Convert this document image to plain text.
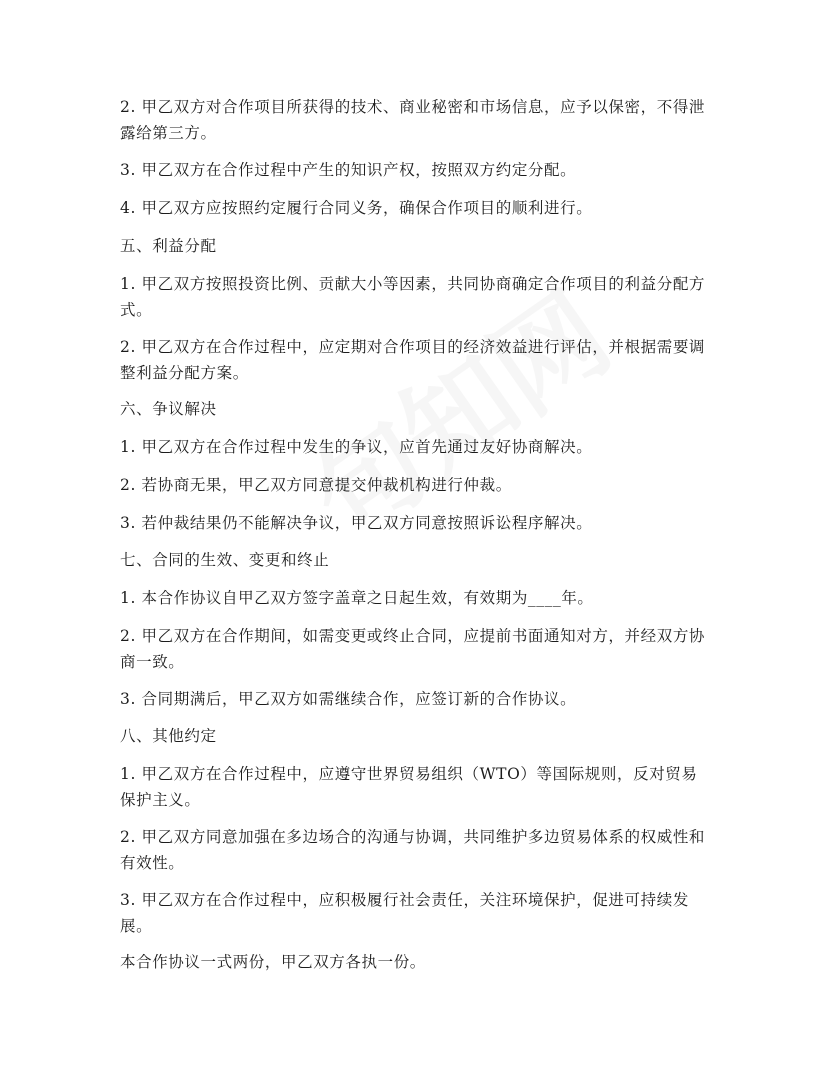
2. 甲乙双方对合作项目所获得的技术、商业秘密和市场信息，应予以保密，不得泄露给第三方。

3. 甲乙双方在合作过程中产生的知识产权，按照双方约定分配。

4. 甲乙双方应按照约定履行合同义务，确保合作项目的顺利进行。

五、利益分配

1. 甲乙双方按照投资比例、贡献大小等因素，共同协商确定合作项目的利益分配方式。

2. 甲乙双方在合作过程中，应定期对合作项目的经济效益进行评估，并根据需要调整利益分配方案。

六、争议解决

1. 甲乙双方在合作过程中发生的争议，应首先通过友好协商解决。

2. 若协商无果，甲乙双方同意提交仲裁机构进行仲裁。

3. 若仲裁结果仍不能解决争议，甲乙双方同意按照诉讼程序解决。

七、合同的生效、变更和终止

1. 本合作协议自甲乙双方签字盖章之日起生效，有效期为____年。

2. 甲乙双方在合作期间，如需变更或终止合同，应提前书面通知对方，并经双方协商一致。

3. 合同期满后，甲乙双方如需继续合作，应签订新的合作协议。

八、其他约定

1. 甲乙双方在合作过程中，应遵守世界贸易组织（WTO）等国际规则，反对贸易保护主义。

2. 甲乙双方同意加强在多边场合的沟通与协调，共同维护多边贸易体系的权威性和有效性。

3. 甲乙双方在合作过程中，应积极履行社会责任，关注环境保护，促进可持续发展。

本合作协议一式两份，甲乙双方各执一份。
